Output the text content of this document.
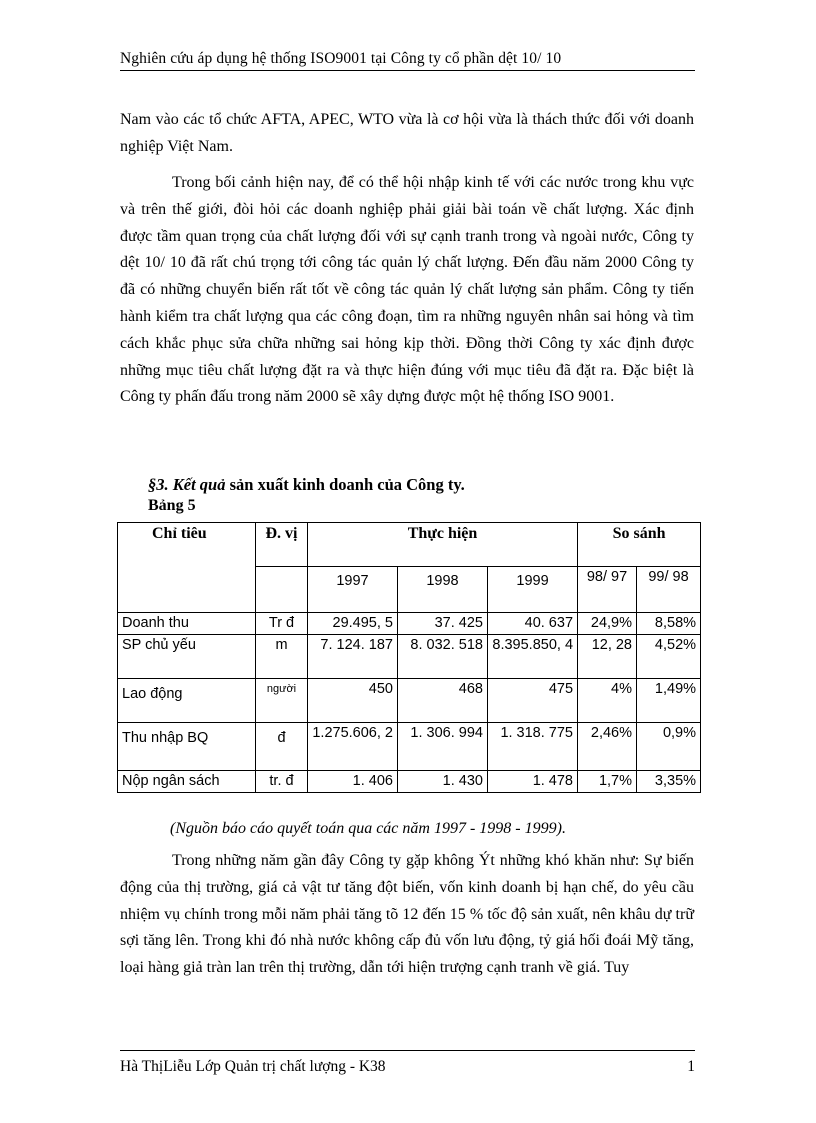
Nghiên cứu áp dụng hệ thống ISO9001 tại Công ty cổ phần dệt 10/ 10

Nam vào các tổ chức AFTA, APEC, WTO vừa là cơ hội vừa là thách thức đối với doanh nghiệp Việt Nam.

Trong bối cảnh hiện nay, để có thể hội nhập kinh tế với các nước trong khu vực và trên thế giới, đòi hỏi các doanh nghiệp phải giải bài toán về chất lượng. Xác định được tầm quan trọng của chất lượng đối với sự cạnh tranh trong và ngoài nước, Công ty dệt 10/ 10 đã rất chú trọng tới công tác quản lý chất lượng. Đến đầu năm 2000 Công ty đã có những chuyển biến rất tốt về công tác quản lý chất lượng sản phẩm. Công ty tiến hành kiểm tra chất lượng qua các công đoạn, tìm ra những nguyên nhân sai hỏng và tìm cách khắc phục sửa chữa những sai hỏng kịp thời. Đồng thời Công ty xác định được những mục tiêu chất lượng đặt ra và thực hiện đúng với mục tiêu đã đặt ra. Đặc biệt là Công ty phấn đấu trong năm 2000 sẽ xây dựng được một hệ thống ISO 9001.

§3. Kết quả sản xuất kinh doanh của Công ty.
Bảng 5
Chỉ tiêu	Đ. vị	Thực hiện			So sánh	
		1997	1998	1999	98/ 97	99/ 98
Doanh thu	Tr đ	29.495, 5	37. 425	40. 637	24,9%	8,58%
SP chủ yếu	m	7. 124. 187	8. 032. 518	8.395.850, 4	12, 28	4,52%
Lao động	người	450	468	475	4%	1,49%
Thu nhập BQ	đ	1.275.606, 2	1. 306. 994	1. 318. 775	2,46%	0,9%
Nộp ngân sách	tr. đ	1. 406	1. 430	1. 478	1,7%	3,35%
(Nguồn báo cáo quyết toán qua các năm 1997 - 1998 - 1999).

Trong những năm gần đây Công ty gặp không Ýt những khó khăn như: Sự biến động của thị trường, giá cả vật tư tăng đột biến, vốn kinh doanh bị hạn chế, do yêu cầu nhiệm vụ chính trong mỗi năm phải tăng tõ 12 đến 15 % tốc độ sản xuất, nên khâu dự trữ sợi tăng lên. Trong khi đó nhà nước không cấp đủ vốn lưu động, tỷ giá hối đoái Mỹ tăng, loại hàng giả tràn lan trên thị trường, dẫn tới hiện trượng cạnh tranh về giá. Tuy

Hà ThịLiễu Lớp Quản trị chất lượng - K38	1
